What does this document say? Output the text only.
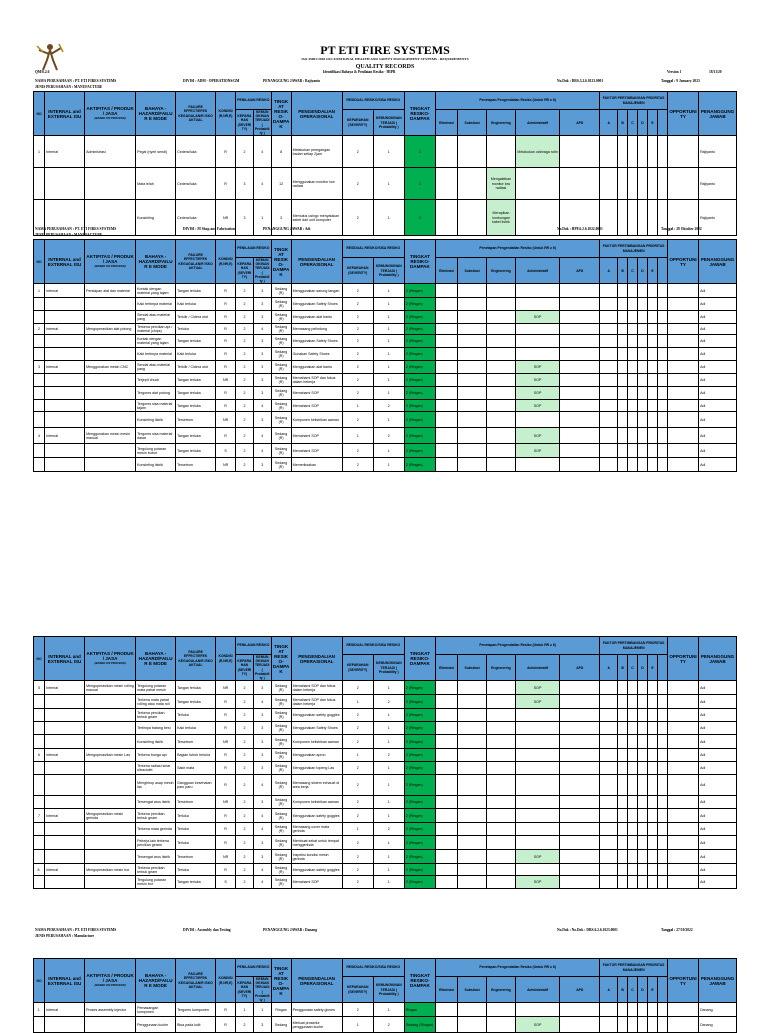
PT ETI FIRE SYSTEMS
ISO 45001:2018 OCCUPATIONAL HEALTH AND SAFETY MANAGEMENT SYSTEMS - REQUIREMENTS
QUALITY RECORDS
QM/6.2.6	Identifikasi Bahaya & Penilaian Resiko - HIPR	Version 1	18/11/20
NAMA PERUSAHAAN : PT. ETI FIRES SYSTEMS	DIVISI : ADM - OPERATIONS/GM	PENANGGUNG JAWAB : Rajiyanto	No.Dok : DRS.3.2.6.0123.0001	Tanggal : 9 January 2023
JENIS PERUSAHAAN : MANUFACTURE
NO	INTERNAL and EXTERNAL ISU	AKTIFITAS / PRODUK / JASA
(BASED ON PROCESS)	BAHAYA - HAZARD/FAILUR E MODE	FAILURE EFFECT/EFEK KEGAGALAN/R ISKO AKTUAL	KONDISI (R,NR,E)	PENILAIAN RESIKO		TINGKAT RESIKO-DAMPAK	PENGENDALIAN OPERASIONAL	RESIDUAL RESIKO/SISA RESIKO		TINGKAT RESIKO-DAMPAK	Penetapan Pengendalian Resiko (Untuk RR ≥ 6)					FAKTOR PERTIMBANGAN PRIORITAS MANAJEMEN						OPPORTUNI TY	PENANGGUNG JAWAB
						KEPARAHAN (SEVERITY)	KEMUNGKINAN TERJADI ( Probability )			KEPARAHAN (SEVERITY)	KEMUNGKINAN TERJADI ( Probability )		Eliminasi	Subsitusi	Engineering	Administratif	APD	A	B	C	D	E			
1	Internal	Administrasi	Pegal (nyeri sendi)	Cedera/luka	R	2	4	8	Melakukan peregangan badan setiap 2jam	2	1	2				Melakukan olahraga rutin									Rajiyanto
			Mata lelah	Cedera/luka	R	3	4	12	Menggunakan monitor low radiasi	2	1	2			Mengaktikan monitor low radiasi										Rajiyanto
			Konsleting	Cedera/luka	NR	3	1	3	Memutus usingc menyalakan kabel dari unit komputer	2	1	2			Merapikan lumbungan kabel listrik										Rajiyanto
NAMA PERUSAHAAN : PT. ETI FIRES SYSTEMS	DIVISI : M Shop and Fabrication	PENANGGUNG JAWAB : Adi	No.Dok : HPF.6.2.6.1022.0001	Tanggal : 28 Oktober 2022
JENIS PERUSAHAAN : MANUFACTURE
NO	INTERNAL and EXTERNAL ISU	AKTIFITAS / PRODUK / JASA
(BASED ON PROCESS)	BAHAYA - HAZARD/FAILUR E MODE	FAILURE EFFECT/EFEK KEGAGALAN/R ISKO AKTUAL	KONDISI (R,NR,E)	PENILAIAN RESIKO		TINGKAT RESIKO-DAMPAK	PENGENDALIAN OPERASIONAL	RESIDUAL RESIKO/SISA RESIKO		TINGKAT RESIKO-DAMPAK	Penetapan Pengendalian Resiko (Untuk RR ≥ 6)					FAKTOR PERTIMBANGAN PRIORITAS MANAJEMEN						OPPORTUNI TY	PENANGGUNG JAWAB
						KEPARAHAN (SEVERITY)	KEMUNGKINAN TERJADI ( Probability )			KEPARAHAN (SEVERITY)	KEMUNGKINAN TERJADI ( Probability )		Eliminasi	Subsitusi	Engineering	Administratif	APD	A	B	C	D	E			
1	Internal	Persiapan alat dan material	Kontak dengan material yang tajam	Tangan terluka	R	2	3	Sedang (R)	Menggunakan sarung tangan	2	1	2 (Ringan)													Adi
			Kaki tertimpa material	Kaki terluka	R	2	3	Sedang (R)	Menggunakan Safety Shoes	2	1	2 (Ringan)													Adi
			Sendal atau material yang	Terkilir / Cidera otot	R	2	3	Sedang (R)	Menggunakan alat bantu	2	1	2 (Ringan)				SOP									Adi
2	Internal	Mengoperasikan alat potong	Terkena percikan api / material (chips)	Terluka	R	2	4	Sedang (R)	Memasang pelindung	2	1	2 (Ringan)													Adi
			Kontak dengan material yang tajam	Tangan terluka	R	2	3	Sedang (R)	Menggunakan Safety Shoes	2	1	2 (Ringan)													Adi
			Kaki tertimpa material	Kaki terluka	R	2	3	Sedang (R)	Gunakan Safety Shoes	2	1	2 (Ringan)													Adi
3	Internal	Menggunakan mesin CNC	Sendal atau material yang	Terkilir / Cidera otot	R	2	3	Sedang (R)	Menggunakan alat bantu	2	1	2 (Ringan)				SOP									Adi
			Terjepit chuck	Tangan terluka	NR	2	3	Sedang (R)	Memahami SOP dan fokus dalam bekerja	2	1	2 (Ringan)				SOP									Adi
			Tergores alat potong	Tangan terluka	R	2	3	Sedang (R)	Memahami SOP	2	1	2 (Ringan)				SOP									Adi
			Tergores sisa material tajam	Tangan terluka	R	2	4	Sedang (R)	Memahami SOP	1	2	2 (Ringan)				SOP									Adi
			Konsleting listrik	Tersetrum	NR	2	3	Sedang (R)	Komponen kelistrikan aaman	2	1	2 (Ringan)													Adi
4	Internal	Menggunakan mesin mesin manual	Tergores sisa material dasar	Tangan terluka	R	2	4	Sedang (R)	Memahami SOP	1	2	2 (Ringan)				SOP									Adi
			Tergulung putaran mesin bubut	Tangan terluka	S	2	4	Sedang (R)	Memahami SOP	2	1	2 (Ringan)				SOP									Adi
			Konsleting listrik	Tersetrum	NR	2	3	Sedang (R)	Memeriksakan	2	1	2 (Ringan)													Adi
NO	INTERNAL and EXTERNAL ISU	AKTIFITAS / PRODUK / JASA
(BASED ON PROCESS)	BAHAYA - HAZARD/FAILUR E MODE	FAILURE EFFECT/EFEK KEGAGALAN/R ISKO AKTUAL	KONDISI (R,NR,E)	PENILAIAN RESIKO		TINGKAT RESIKO-DAMPAK	PENGENDALIAN OPERASIONAL	RESIDUAL RESIKO/SISA RESIKO		TINGKAT RESIKO-DAMPAK	Penetapan Pengendalian Resiko (Untuk RR ≥ 6)					FAKTOR PERTIMBANGAN PRIORITAS MANAJEMEN						OPPORTUNI TY	PENANGGUNG JAWAB
						KEPARAHAN (SEVERITY)	KEMUNGKINAN TERJADI ( Probability )			KEPARAHAN (SEVERITY)	KEMUNGKINAN TERJADI ( Probability )		Eliminasi	Subsitusi	Engineering	Administratif	APD	A	B	C	D	E			
5	Internal	Mengoperasikan mesin rolling manual	Tergulung putaran mata pahat mesin	Tangan terluka	NR	2	3	Sedang (R)	Memahami SOP dan fokus dalam bekerja	2	1	2 (Ringan)				SOP									Adi
			Terkena mata pahat rolling atau mata roll	Tangan terluka	R	2	4	Sedang (R)	Memahami SOP dan fokus dalam bekerja	1	2	2 (Ringan)				SOP									Adi
			Terkena percikan terbuk geam	Terluka	R	2	3	Sedang (R)	Menggunakan safety goggles	2	1	2 (Ringan)													Adi
			Tertimpa batang besi	Kaki terluka	R	2	3	Sedang (R)	Menggunakan Safety Shoes	2	1	2 (Ringan)													Adi
			Konsleting listrik	Tersetrum	NR	2	3	Sedang (R)	Komponen kelistrikan aaman	2	1	2 (Ringan)													Adi
6	Internal	Mengoperasikan mesin Las	Terkena bunga api	Bagian tubuh terluka	R	2	3	Sedang (R)	Menggunakan apron	1	2	2 (Ringan)													Adi
			Terkena radiasi sinar ultraviolet	Sakit mata	R	2	3	Sedang (R)	Menggunakan topeng Las	2	1	2 (Ringan)													Adi
			Menghirup asap mesin las	Gangguan kesehatan paru paru	R	2	4	Sedang (R)	Memasang sistem exhaust di area kerja	2	1	2 (Ringan)													Adi
			Tersengat arus listrik	Tersetrum	NR	2	3	Sedang (R)	Komponen kelistrikan aaman	2	1	2 (Ringan)													Adi
7	Internal	Mengoperasikan mesin gerinda	Terkena percikan terbuk geam	Terluka	R	2	4	Sedang (R)	Menggunakan safety goggles	2	1	2 (Ringan)													Adi
			Terkena mata gerinda	Terluka	R	2	4	Sedang (R)	Memasang cover mata gerinda	1	2	2 (Ringan)													Adi
			Pekerja lain terkena percikan geram	Terluka	R	2	3	Sedang (R)	Membuat sekat untuk tempat menggerinda	2	1	2 (Ringan)													Adi
			Tersengat arus listrik	Tersetrum	NR	2	3	Sedang (R)	Inspeksi kondisi mesin gerinda	2	1	2 (Ringan)				SOP									Adi
8.	Internal	Mengoperasikan mesin bor	Terkena percikan terbuk geam	Terluka	R	2	4	Sedang (R)	Menggunakan safety goggles	2	1	2 (Ringan)													Adi
			Tergulung putaran mesin bor	Tangan terluka	S	2	4	Sedang (R)	Memahami SOP	2	1	2 (Ringan)				SOP									Adi
NAMA PERUSAHAAN : PT. ETI FIRES SYSTEMS	DIVISI : Assembly dan Testing	PENANGGUNG JAWAB : Danang	No.Dok : No.Dok : DRS.6.2.6.1023.0001	Tanggal : 27/10/2022
JENIS PERUSAHAAN : Manufacture
NO	INTERNAL and EXTERNAL ISU	AKTIFITAS / PRODUK / JASA
(BASED ON PROCESS)	BAHAYA - HAZARD/FAILUR E MODE	FAILURE EFFECT/EFEK KEGAGALAN/R ISKO AKTUAL	KONDISI (R,NR,E)	PENILAIAN RESIKO		TINGKAT RESIKO-DAMPAK	PENGENDALIAN OPERASIONAL	RESIDUAL RESIKO/SISA RESIKO		TINGKAT RESIKO-DAMPAK	Penetapan Pengendalian Resiko (Untuk RR ≥ 6)					FAKTOR PERTIMBANGAN PRIORITAS MANAJEMEN						OPPORTUNI TY	PENANGGUNG JAWAB
						KEPARAHAN (SEVERITY)	KEMUNGKINAN TERJADI ( Probability )			KEPARAHAN (SEVERITY)	KEMUNGKINAN TERJADI ( Probability )		Eliminasi	Subsitusi	Engineering	Administratif	APD	A	B	C	D	E			
1.	Internal	Proses assembly injector	Pemasangan komponen	Tergores komponen	R	1	1	Ringan	Penggunaan safety gloves	2	1	Ringan													Danang
			Penggunaan kuche	Bisa pada kulit	R	2	3	Sedang	Mebuat prosedur penggunaan kuche	1	2	Sedang (Ringan)				SOP									Danang
